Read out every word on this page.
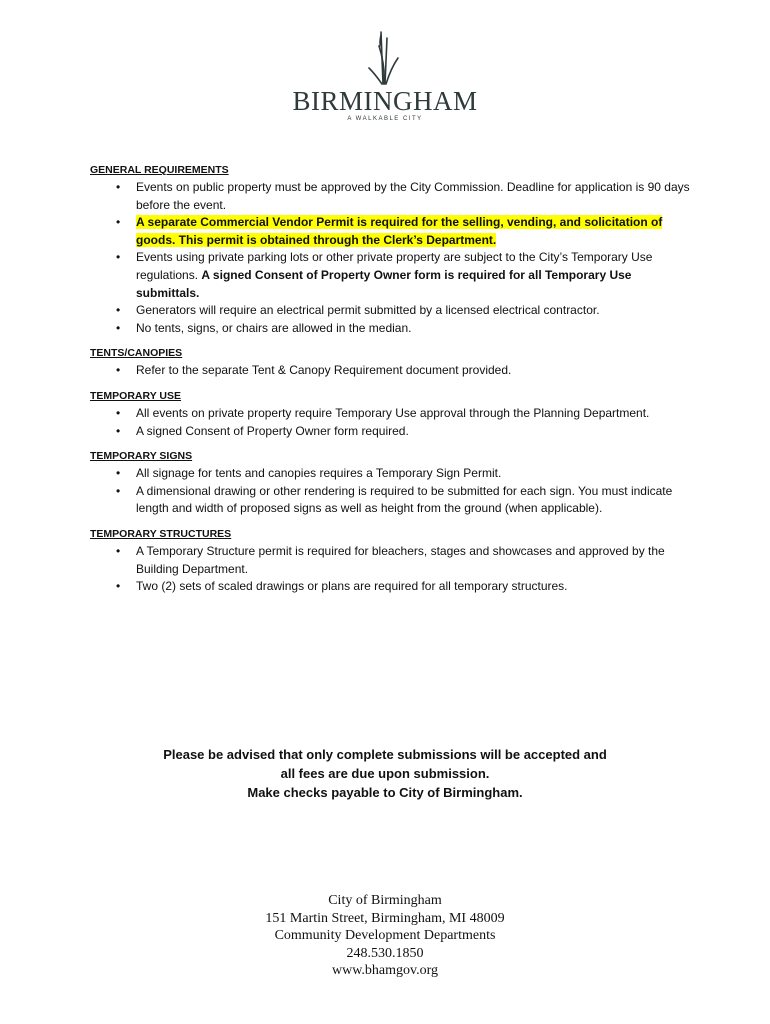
BIRMINGHAM
A WALKABLE CITY
GENERAL REQUIREMENTS
• Events on public property must be approved by the City Commission. Deadline for application is 90 days before the event.
• A separate Commercial Vendor Permit is required for the selling, vending, and solicitation of goods. This permit is obtained through the Clerk’s Department.
• Events using private parking lots or other private property are subject to the City’s Temporary Use regulations. A signed Consent of Property Owner form is required for all Temporary Use submittals.
• Generators will require an electrical permit submitted by a licensed electrical contractor.
• No tents, signs, or chairs are allowed in the median.
TENTS/CANOPIES
• Refer to the separate Tent & Canopy Requirement document provided.
TEMPORARY USE
• All events on private property require Temporary Use approval through the Planning Department.
• A signed Consent of Property Owner form required.
TEMPORARY SIGNS
• All signage for tents and canopies requires a Temporary Sign Permit.
• A dimensional drawing or other rendering is required to be submitted for each sign. You must indicate length and width of proposed signs as well as height from the ground (when applicable).
TEMPORARY STRUCTURES
• A Temporary Structure permit is required for bleachers, stages and showcases and approved by the Building Department.
• Two (2) sets of scaled drawings or plans are required for all temporary structures.
Please be advised that only complete submissions will be accepted and
all fees are due upon submission.
Make checks payable to City of Birmingham.
City of Birmingham
151 Martin Street, Birmingham, MI 48009
Community Development Departments
248.530.1850
www.bhamgov.org
